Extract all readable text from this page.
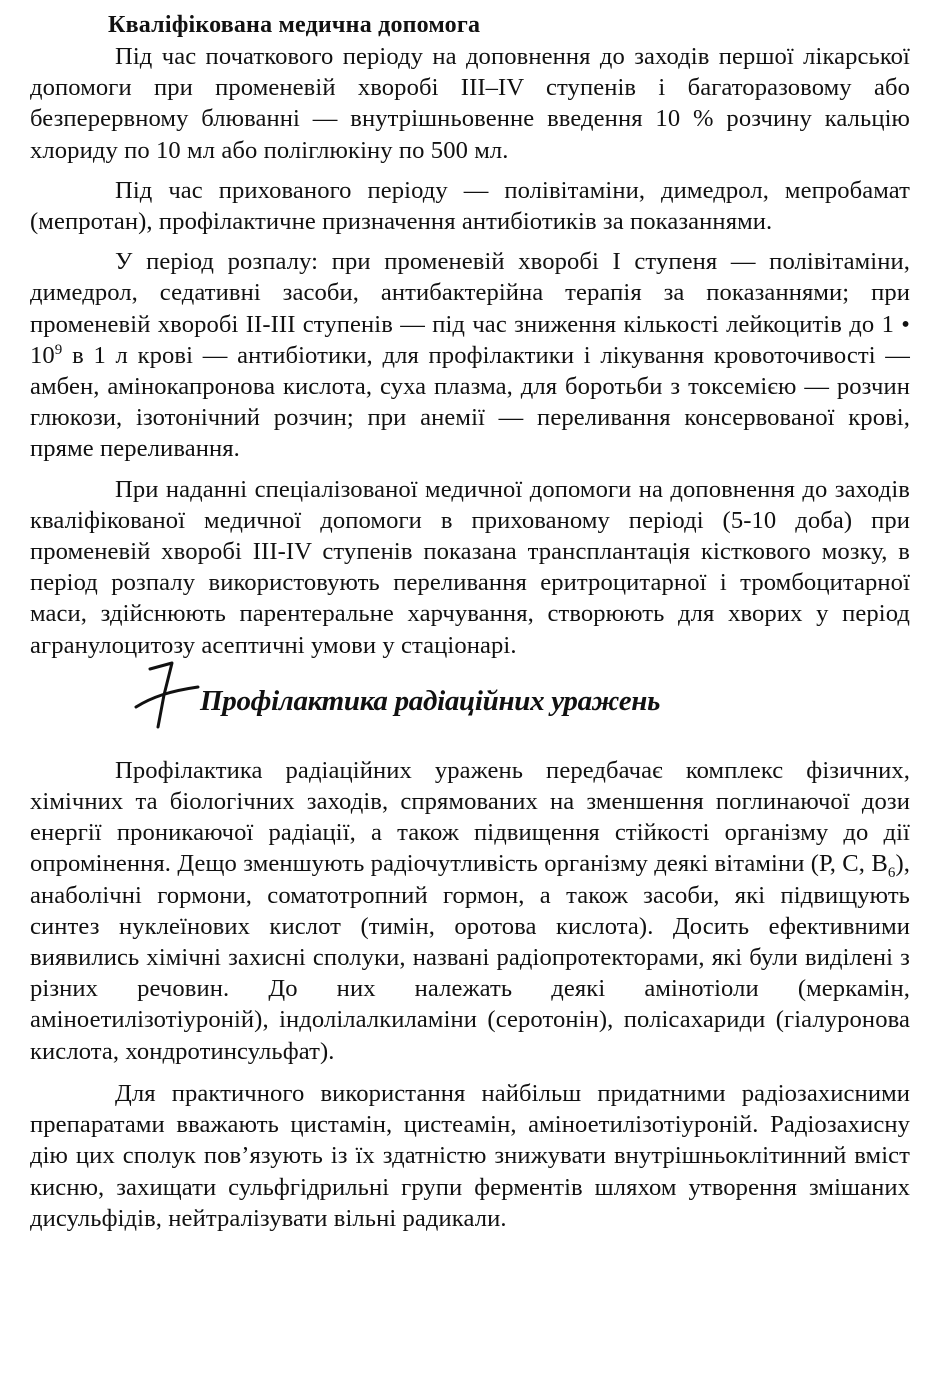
Кваліфікована медична допомога

Під час початкового періоду на доповнення до заходів першої лікарської допомоги при променевій хворобі III–IV ступенів і багаторазовому або безперервному блюванні — внутрішньовенне введення 10 % розчину кальцію хлориду по 10 мл або полiглюкіну по 500 мл.

Під час прихованого періоду — полівітаміни, димедрол, мепробамат (мепротан), профілактичне призначення антибіотиків за показаннями.

У період розпалу: при променевій хворобі I ступеня — полівітаміни, димедрол, седативні засоби, антибактерійна терапія за показаннями; при променевій хворобі II-III ступенів — під час зниження кількості лейкоцитів до 1 • $10^9$ в 1 л крові — антибіотики, для профілактики і лікування кровоточивості — амбен, амінокапронова кислота, суха плазма, для боротьби з токсемією — розчин глюкози, ізотонічний розчин; при анемії — переливання консервованої крові, пряме переливання.

При наданні спеціалізованої медичної допомоги на доповнення до заходів кваліфікованої медичної допомоги в прихованому періоді (5-10 доба) при променевій хворобі III-IV ступенів показана трансплантація кісткового мозку, в період розпалу використовують переливання еритроцитарної і тромбоцитарної маси, здійснюють парентеральне харчування, створюють для хворих у період агранулоцитозу асептичні умови у стаціонарі.

Профілактика радіаційних уражень

Профілактика радіаційних уражень передбачає комплекс фізичних, хімічних та біологічних заходів, спрямованих на зменшення поглинаючої дози енергії проникаючої радіації, а також підвищення стійкості організму до дії опромінення. Дещо зменшують радіочутливість організму деякі вітаміни (Р, С, $В_6$), анаболічні гормони, соматотропний гормон, а також засоби, які підвищують синтез нуклеїнових кислот (тимін, оротова кислота). Досить ефективними виявились хімічні захисні сполуки, названі радіопротекторами, які були виділені з різних речовин. До них належать деякі амінотіоли (меркамін, аміноетилізотіуроній), індолілалкиламіни (серотонін), полісахариди (гіалуронова кислота, хондротинсульфат).

Для практичного використання найбільш придатними радіозахисними препаратами вважають цистамін, цистеамін, аміноетилізотіуроній. Радіозахисну дію цих сполук пов’язують із їх здатністю знижувати внутрішньоклітинний вміст кисню, захищати сульфгідрильні групи ферментів шляхом утворення змішаних дисульфідів, нейтралізувати вільні радикали.
